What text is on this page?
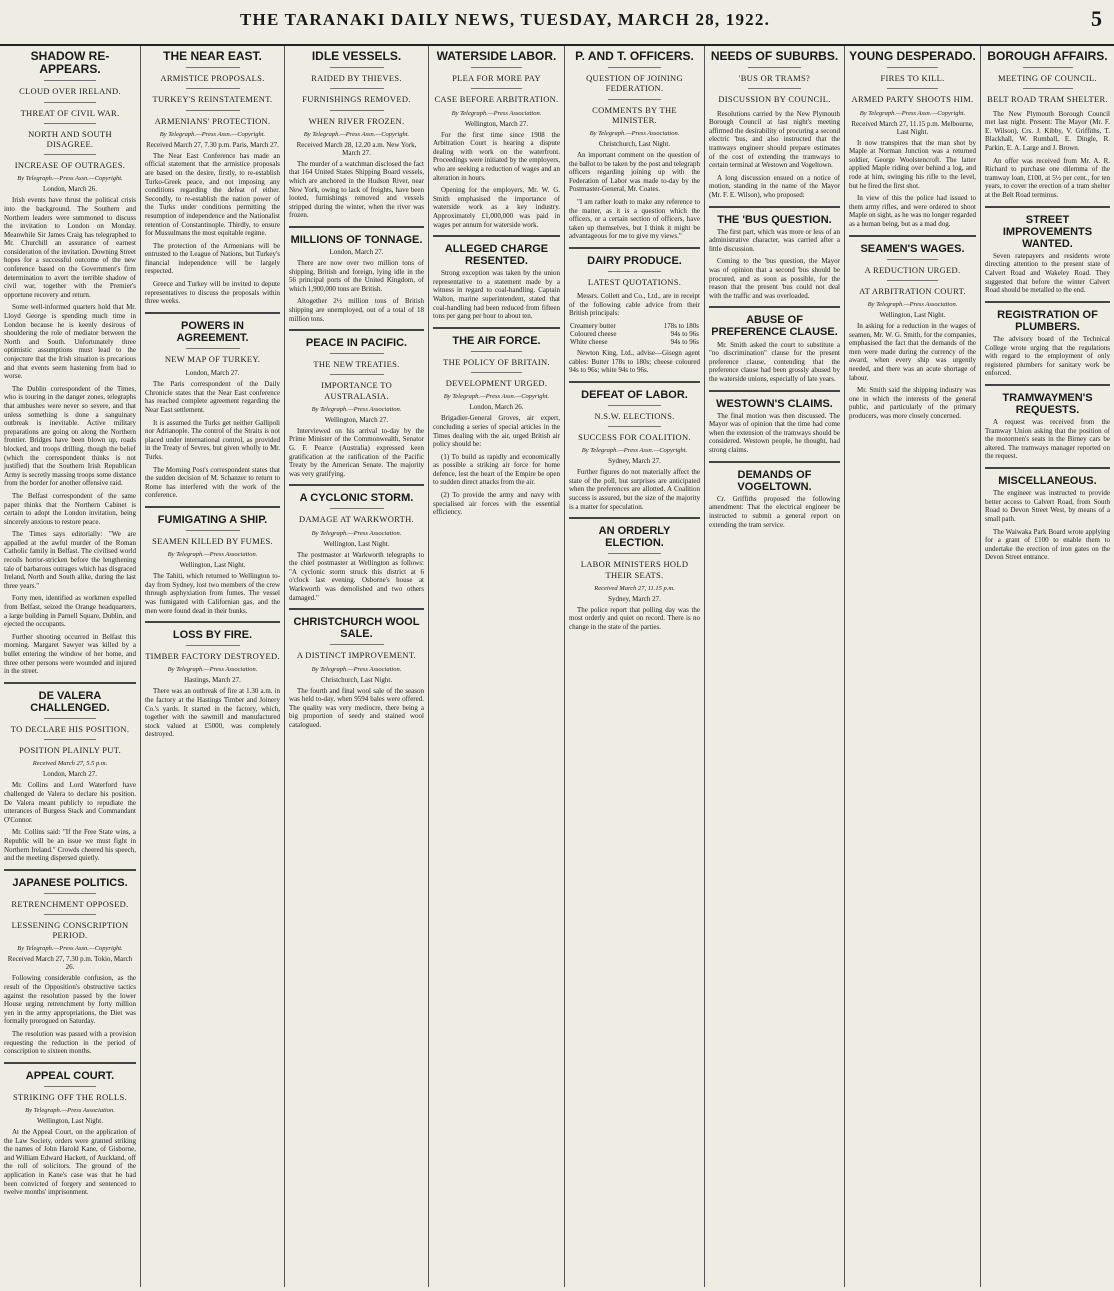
THE TARANAKI DAILY NEWS, TUESDAY, MARCH 28, 1922.	5
SHADOW RE-APPEARS.
CLOUD OVER IRELAND.
THREAT OF CIVIL WAR.
NORTH AND SOUTH DISAGREE.
INCREASE OF OUTRAGES.
By Telegraph.—Press Assn.—Copyright.
London, March 26.

Irish events have thrust the political crisis into the background. The Southern and Northern leaders were summoned to discuss the invitation to London on Monday. Meanwhile Sir James Craig has telegraphed to Mr. Churchill an assurance of earnest consideration of the invitation. Downing Street hopes for a successful outcome of the new conference based on the Government's firm determination to avert the terrible shadow of civil war, together with the Premier's opportune recovery and return.

Some well-informed quarters hold that Mr. Lloyd George is spending much time in London because he is keenly desirous of shouldering the role of mediator between the North and South. Unfortunately three optimistic assumptions must lead to the conjecture that the Irish situation is precarious and that events seem hastening from bad to worse.

The Dublin correspondent of the Times, who is touring in the danger zones, telegraphs that ambushes were never so severe, and that unless something is done a sanguinary outbreak is inevitable. Active military preparations are going on along the Northern frontier. Bridges have been blown up, roads blocked, and troops drilling, though the belief (which the correspondent thinks is not justified) that the Southern Irish Republican Army is secretly massing troops some distance from the border for another offensive raid.

The Belfast correspondent of the same paper thinks that the Northern Cabinet is certain to adopt the London invitation, being sincerely anxious to restore peace.

The Times says editorially: "We are appalled at the awful murder of the Roman Catholic family in Belfast. The civilised world recoils horror-stricken before the lengthening tale of barbarous outrages which has disgraced Ireland, North and South alike, during the last three years."

Forty men, identified as workmen expelled from Belfast, seized the Orange headquarters, a large building in Parnell Square, Dublin, and ejected the occupants.

Further shooting occurred in Belfast this morning. Margaret Sawyer was killed by a bullet entering the window of her home, and three other persons were wounded and injured in the street.

DE VALERA CHALLENGED.
TO DECLARE HIS POSITION.
POSITION PLAINLY PUT.
Received March 27, 5.5 p.m.
London, March 27.

Mr. Collins and Lord Waterford have challenged de Valera to declare his position. De Valera meant publicly to repudiate the utterances of Burgess Stack and Commandant O'Connor.

Mr. Collins said: "If the Free State wins, a Republic will be an issue we must fight in Northern Ireland." Crowds cheered his speech, and the meeting dispersed quietly.

JAPANESE POLITICS.
RETRENCHMENT OPPOSED.
LESSENING CONSCRIPTION PERIOD.
By Telegraph.—Press Assn.—Copyright.
Received March 27, 7.30 p.m. Tokio, March 26.

Following considerable confusion, as the result of the Opposition's obstructive tactics against the resolution passed by the lower House urging retrenchment by forty million yen in the army appropriations, the Diet was formally prorogued on Saturday.

The resolution was passed with a provision requesting the reduction in the period of conscription to sixteen months.

APPEAL COURT.
STRIKING OFF THE ROLLS.
By Telegraph.—Press Association.
Wellington, Last Night.

At the Appeal Court, on the application of the Law Society, orders were granted striking the names of John Harold Kane, of Gisborne, and William Edward Hackett, of Auckland, off the roll of solicitors. The ground of the application in Kane's case was that he had been convicted of forgery and sentenced to twelve months' imprisonment.

THE NEAR EAST.
ARMISTICE PROPOSALS.
TURKEY'S REINSTATEMENT.
ARMENIANS' PROTECTION.
By Telegraph.—Press Assn.—Copyright.
Received March 27, 7.30 p.m. Paris, March 27.

The Near East Conference has made an official statement that the armistice proposals are based on the desire, firstly, to re-establish Turko-Greek peace, and not imposing any conditions regarding the defeat of either. Secondly, to re-establish the nation power of the Turks under conditions permitting the resumption of independence and the Nationalist retention of Constantinople. Thirdly, to ensure for Mussulmans the most equitable regime.

The protection of the Armenians will be entrusted to the League of Nations, but Turkey's financial independence will be largely respected.

Greece and Turkey will be invited to depute representatives to discuss the proposals within three weeks.

POWERS IN AGREEMENT.
NEW MAP OF TURKEY.
London, March 27.

The Paris correspondent of the Daily Chronicle states that the Near East conference has reached complete agreement regarding the Near East settlement.

It is assumed the Turks get neither Gallipoli nor Adrianople. The control of the Straits is not placed under international control, as provided in the Treaty of Sevres, but given wholly to Mr. Turks.

The Morning Post's correspondent states that the sudden decision of M. Schanzer to return to Rome has interfered with the work of the conference.

FUMIGATING A SHIP.
SEAMEN KILLED BY FUMES.
By Telegraph.—Press Association.
Wellington, Last Night.

The Tahiti, which returned to Wellington to-day from Sydney, lost two members of the crew through asphyxiation from fumes. The vessel was fumigated with Californian gas, and the men were found dead in their bunks.

LOSS BY FIRE.
TIMBER FACTORY DESTROYED.
By Telegraph.—Press Association.
Hastings, March 27.

There was an outbreak of fire at 1.30 a.m. in the factory at the Hastings Timber and Joinery Co.'s yards. It started in the factory, which, together with the sawmill and manufactured stock valued at £5000, was completely destroyed.

IDLE VESSELS.
RAIDED BY THIEVES.
FURNISHINGS REMOVED.
WHEN RIVER FROZEN.
By Telegraph.—Press Assn.—Copyright.
Received March 28, 12.20 a.m. New York, March 27.

The murder of a watchman disclosed the fact that 164 United States Shipping Board vessels, which are anchored in the Hudson River, near New York, owing to lack of freights, have been looted, furnishings removed and vessels stripped during the winter, when the river was frozen.

MILLIONS OF TONNAGE.
London, March 27.

There are now over two million tons of shipping, British and foreign, lying idle in the 56 principal ports of the United Kingdom, of which 1,900,000 tons are British.

Altogether 2½ million tons of British shipping are unemployed, out of a total of 18 million tons.

PEACE IN PACIFIC.
THE NEW TREATIES.
IMPORTANCE TO AUSTRALASIA.
By Telegraph.—Press Association.
Wellington, March 27.

Interviewed on his arrival to-day by the Prime Minister of the Commonwealth, Senator G. F. Pearce (Australia) expressed keen gratification at the ratification of the Pacific Treaty by the American Senate. The majority was very gratifying.

A CYCLONIC STORM.
DAMAGE AT WARKWORTH.
By Telegraph.—Press Association.
Wellington, Last Night.

The postmaster at Warkworth telegraphs to the chief postmaster at Wellington as follows: "A cyclonic storm struck this district at 6 o'clock last evening. Osborne's house at Warkworth was demolished and two others damaged."

CHRISTCHURCH WOOL SALE.
A DISTINCT IMPROVEMENT.
By Telegraph.—Press Association.
Christchurch, Last Night.

The fourth and final wool sale of the season was held to-day, when 9594 bales were offered. The quality was very mediocre, there being a big proportion of seedy and stained wool catalogued.

WATERSIDE LABOR.
PLEA FOR MORE PAY
CASE BEFORE ARBITRATION.
By Telegraph.—Press Association.
Wellington, March 27.

For the first time since 1908 the Arbitration Court is hearing a dispute dealing with work on the waterfront. Proceedings were initiated by the employers, who are seeking a reduction of wages and an alteration in hours.

Opening for the employers, Mr. W. G. Smith emphasised the importance of waterside work as a key industry. Approximately £1,000,000 was paid in wages per annum for waterside work.

ALLEGED CHARGE RESENTED.

Strong exception was taken by the union representative to a statement made by a witness in regard to coal-handling. Captain Walton, marine superintendent, stated that coal-handling had been reduced from fifteen tons per gang per hour to about ten.

THE AIR FORCE.
THE POLICY OF BRITAIN.
DEVELOPMENT URGED.
By Telegraph.—Press Assn.—Copyright.
London, March 26.

Brigadier-General Groves, air expert, concluding a series of special articles in the Times dealing with the air, urged British air policy should be:

(1) To build as rapidly and economically as possible a striking air force for home defence, lest the heart of the Empire be open to sudden direct attacks from the air.

(2) To provide the army and navy with specialised air forces with the essential efficiency.

P. AND T. OFFICERS.
QUESTION OF JOINING FEDERATION.
COMMENTS BY THE MINISTER.
By Telegraph.—Press Association.
Christchurch, Last Night.

An important comment on the question of the ballot to be taken by the post and telegraph officers regarding joining up with the Federation of Labor was made to-day by the Postmaster-General, Mr. Coates.

"I am rather loath to make any reference to the matter, as it is a question which the officers, or a certain section of officers, have taken up themselves, but I think it might be advantageous for me to give my views."

DAIRY PRODUCE.
LATEST QUOTATIONS.

Messrs. Collett and Co., Ltd., are in receipt of the following cable advice from their British principals:

Creamery butter	178s to 180s
Coloured cheese	94s to 96s
White cheese	94s to 96s

Newton King, Ltd., advise—Gisegn agent cables: Butter 178s to 180s; cheese coloured 94s to 96s; white 94s to 96s.

DEFEAT OF LABOR.
N.S.W. ELECTIONS.
SUCCESS FOR COALITION.
By Telegraph.—Press Assn.—Copyright.
Sydney, March 27.

Further figures do not materially affect the state of the poll, but surprises are anticipated when the preferences are allotted. A Coalition success is assured, but the size of the majority is a matter for speculation.

AN ORDERLY ELECTION.
LABOR MINISTERS HOLD THEIR SEATS.
Received March 27, 11.15 p.m.
Sydney, March 27.

The police report that polling day was the most orderly and quiet on record. There is no change in the state of the parties.

NEEDS OF SUBURBS.
'BUS OR TRAMS?
DISCUSSION BY COUNCIL.

Resolutions carried by the New Plymouth Borough Council at last night's meeting affirmed the desirability of procuring a second electric 'bus, and also instructed that the tramways engineer should prepare estimates of the cost of extending the tramways to certain terminal at Westown and Vogeltown.

A long discussion ensued on a notice of motion, standing in the name of the Mayor (Mr. F. E. Wilson), who proposed:

THE 'BUS QUESTION.

The first part, which was more or less of an administrative character, was carried after a little discussion.

Coming to the 'bus question, the Mayor was of opinion that a second 'bus should be procured, and as soon as possible, for the reason that the present 'bus could not deal with the traffic and was overloaded.

ABUSE OF PREFERENCE CLAUSE.

Mr. Smith asked the court to substitute a "no discrimination" clause for the present preference clause, contending that the preference clause had been grossly abused by the waterside unions, especially of late years.

WESTOWN'S CLAIMS.

The final motion was then discussed. The Mayor was of opinion that the time had come when the extension of the tramways should be considered. Westown people, he thought, had strong claims.

DEMANDS OF VOGELTOWN.

Cr. Griffiths proposed the following amendment: That the electrical engineer be instructed to submit a general report on extending the tram service.

YOUNG DESPERADO.
FIRES TO KILL.
ARMED PARTY SHOOTS HIM.
By Telegraph.—Press Assn.—Copyright.
Received March 27, 11.15 p.m. Melbourne, Last Night.

It now transpires that the man shot by Maple at Norman Junction was a returned soldier, George Woolstencroft. The latter applied Maple riding over behind a log, and rode at him, swinging his rifle to the level, but he fired the first shot.

In view of this the police had issued to them army rifles, and were ordered to shoot Maple on sight, as he was no longer regarded as a human being, but as a mad dog.

SEAMEN'S WAGES.
A REDUCTION URGED.
AT ARBITRATION COURT.
By Telegraph.—Press Association.
Wellington, Last Night.

In asking for a reduction in the wages of seamen, Mr. W. G. Smith, for the companies, emphasised the fact that the demands of the men were made during the currency of the award, when every ship was urgently needed, and there was an acute shortage of labour.

Mr. Smith said the shipping industry was one in which the interests of the general public, and particularly of the primary producers, was more closely concerned.

BOROUGH AFFAIRS.
MEETING OF COUNCIL.
BELT ROAD TRAM SHELTER.

The New Plymouth Borough Council met last night. Present: The Mayor (Mr. F. E. Wilson), Crs. J. Kibby, V. Griffiths, T. Blackhall, W. Rumball, E. Dingle, R. Parkin, E. A. Large and J. Brown.

An offer was received from Mr. A. R. Richard to purchase one dilemma of the tramway loan, £100, at 5½ per cent., for ten years, to cover the erection of a tram shelter at the Belt Road terminus.

STREET IMPROVEMENTS WANTED.

Seven ratepayers and residents wrote directing attention to the present state of Calvert Road and Wakeley Road. They suggested that before the winter Calvert Road should be metalled to the end.

REGISTRATION OF PLUMBERS.

The advisory board of the Technical College wrote urging that the regulations with regard to the employment of only registered plumbers for sanitary work be enforced.

TRAMWAYMEN'S REQUESTS.

A request was received from the Tramway Union asking that the position of the motormen's seats in the Birney cars be altered. The tramways manager reported on the request.

MISCELLANEOUS.

The engineer was instructed to provide better access to Calvert Road, from South Road to Devon Street West, by means of a small path.

The Waiwaka Park Board wrote applying for a grant of £100 to enable them to undertake the erection of iron gates on the Devon Street entrance.
